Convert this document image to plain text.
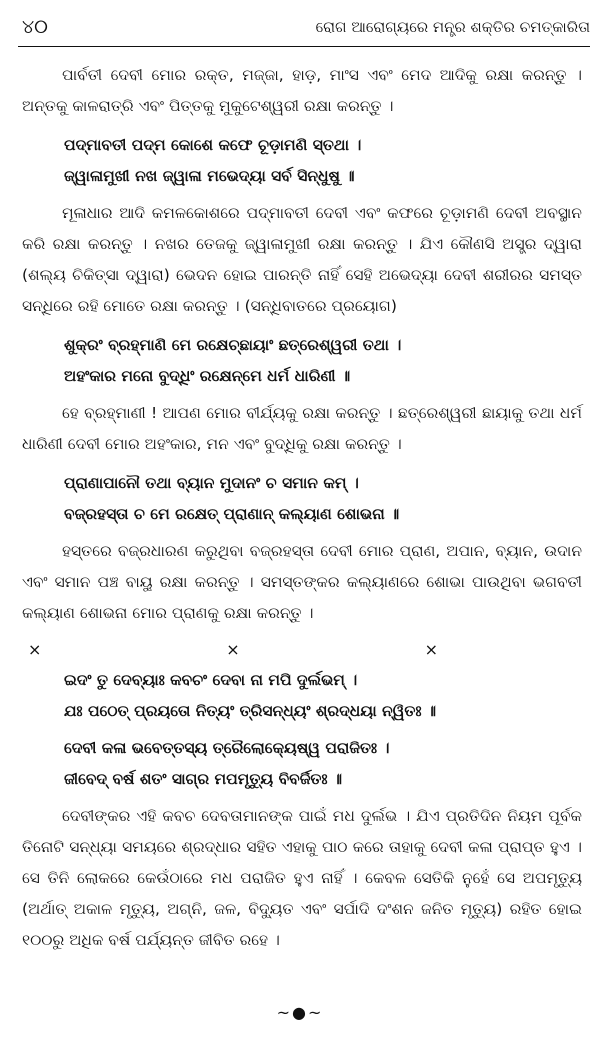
୪୦	ରୋଗ ଆରୋଗ୍ୟରେ ମନ୍ତ୍ର ଶକ୍ତିର ଚମତ୍କାରିତା

ପାର୍ବତୀ ଦେବୀ ମୋର ରକ୍ତ, ମଜ୍ଜା, ହାଡ଼, ମାଂସ ଏବଂ ମେଦ ଆଦିକୁ ରକ୍ଷା କରନ୍ତୁ । ଅନ୍ତକୁ କାଳରାତ୍ରି ଏବଂ ପିତ୍ତକୁ ମୁକୁଟେଶ୍ୱରୀ ରକ୍ଷା କରନ୍ତୁ ।

ପଦ୍ମାବତୀ ପଦ୍ମ କୋଶେ କଫେ ଚୂଡ଼ାମଣି ସ୍ତଥା ।
ଜ୍ୱାଳାମୁଖୀ ନଖ ଜ୍ୱାଳା ମଭେଦ୍ୟା ସର୍ବ ସିନ୍ଧୁଷୁ ॥

ମୂଳାଧାର ଆଦି କମଳକୋଶରେ ପଦ୍ମାବତୀ ଦେବୀ ଏବଂ କଫରେ ଚୂଡ଼ାମଣି ଦେବୀ ଅବସ୍ଥାନ କରି ରକ୍ଷା କରନ୍ତୁ । ନଖର ତେଜକୁ ଜ୍ୱାଳାମୁଖୀ ରକ୍ଷା କରନ୍ତୁ । ଯିଏ କୌଣସି ଅସ୍ତ୍ର ଦ୍ୱାରା (ଶଲ୍ୟ ଚିକିତ୍ସା ଦ୍ୱାରା) ଭେଦନ ହୋଇ ପାରନ୍ତି ନାହିଁ ସେହି ଅଭେଦ୍ୟା ଦେବୀ ଶରୀରର ସମସ୍ତ ସନ୍ଧିରେ ରହି ମୋତେ ରକ୍ଷା କରନ୍ତୁ । (ସନ୍ଧିବାତରେ ପ୍ରୟୋଗ)

ଶୁକ୍ରଂ ବ୍ରହ୍ମାଣି ମେ ରକ୍ଷେଚ୍ଛାୟାଂ ଛତ୍ରେଶ୍ୱରୀ ତଥା ।
ଅହଂକାର ମନୋ ବୁଦ୍ଧିଂ ରକ୍ଷେନ୍ମେ ଧର୍ମ ଧାରିଣୀ ॥

ହେ ବ୍ରହ୍ମାଣୀ ! ଆପଣ ମୋର ବୀର୍ଯ୍ୟକୁ ରକ୍ଷା କରନ୍ତୁ । ଛତ୍ରେଶ୍ୱରୀ ଛାୟାକୁ ତଥା ଧର୍ମ ଧାରିଣୀ ଦେବୀ ମୋର ଅହଂକାର, ମନ ଏବଂ ବୁଦ୍ଧିକୁ ରକ୍ଷା କରନ୍ତୁ ।

ପ୍ରାଣାପାନୌ ତଥା ବ୍ୟାନ ମୁଦାନଂ ଚ ସମାନ କମ୍ ।
ବଜ୍ରହସ୍ତା ଚ ମେ ରକ୍ଷେତ୍ ପ୍ରାଣାନ୍ କଲ୍ୟାଣ ଶୋଭନା ॥

ହସ୍ତରେ ବଜ୍ରଧାରଣ କରୁଥିବା ବଜ୍ରହସ୍ତା ଦେବୀ ମୋର ପ୍ରାଣ, ଅପାନ, ବ୍ୟାନ, ଉଦାନ ଏବଂ ସମାନ ପଞ୍ଚ ବାୟୁ ରକ୍ଷା କରନ୍ତୁ । ସମସ୍ତଙ୍କର କଲ୍ୟାଣରେ ଶୋଭା ପାଉଥିବା ଭଗବତୀ କଲ୍ୟାଣ ଶୋଭନା ମୋର ପ୍ରାଣକୁ ରକ୍ଷା କରନ୍ତୁ ।

×	×	×
ଇଦଂ ତୁ ଦେବ୍ୟାଃ କବଚଂ ଦେବା ନା ମପି ଦୁର୍ଲଭମ୍ ।
ଯଃ ପଠେତ୍ ପ୍ରୟତୋ ନିତ୍ୟଂ ତ୍ରିସନ୍ଧ୍ୟଂ ଶ୍ରଦ୍ଧୟା ନ୍ୱିତଃ ॥
ଦେବୀ କଳା ଭବେତ୍ତସ୍ୟ ତ୍ରୈଲୋକ୍ୟେଷ୍ୱ ପରାଜିତଃ ।
ଜୀବେଦ୍ ବର୍ଷ ଶତଂ ସାଗ୍ର ମପମୃତ୍ୟୁ ବିବର୍ଜିତଃ ॥

ଦେବୀଙ୍କର ଏହି କବଚ ଦେବତାମାନଙ୍କ ପାଇଁ ମଧ ଦୁର୍ଲଭ । ଯିଏ ପ୍ରତିଦିନ ନିୟମ ପୂର୍ବକ ତିନୋଟି ସନ୍ଧ୍ୟା ସମୟରେ ଶ୍ରଦ୍ଧାର ସହିତ ଏହାକୁ ପାଠ କରେ ତାହାକୁ ଦେବୀ କଳା ପ୍ରାପ୍ତ ହୁଏ । ସେ ତିନି ଲୋକରେ କେଉଁଠାରେ ମଧ ପରାଜିତ ହୁଏ ନାହିଁ । କେବଳ ସେତିକି ନୁହେଁ ସେ ଅପମୃତ୍ୟୁ (ଅର୍ଥାତ୍ ଅକାଳ ମୃତ୍ୟୁ, ଅଗ୍ନି, ଜଳ, ବିଦ୍ୟୁତ ଏବଂ ସର୍ପାଦି ଦଂଶନ ଜନିତ ମୃତ୍ୟୁ) ରହିତ ହୋଇ ୧୦୦ରୁ ଅଧିକ ବର୍ଷ ପର୍ଯ୍ୟନ୍ତ ଜୀବିତ ରହେ ।

~●~
